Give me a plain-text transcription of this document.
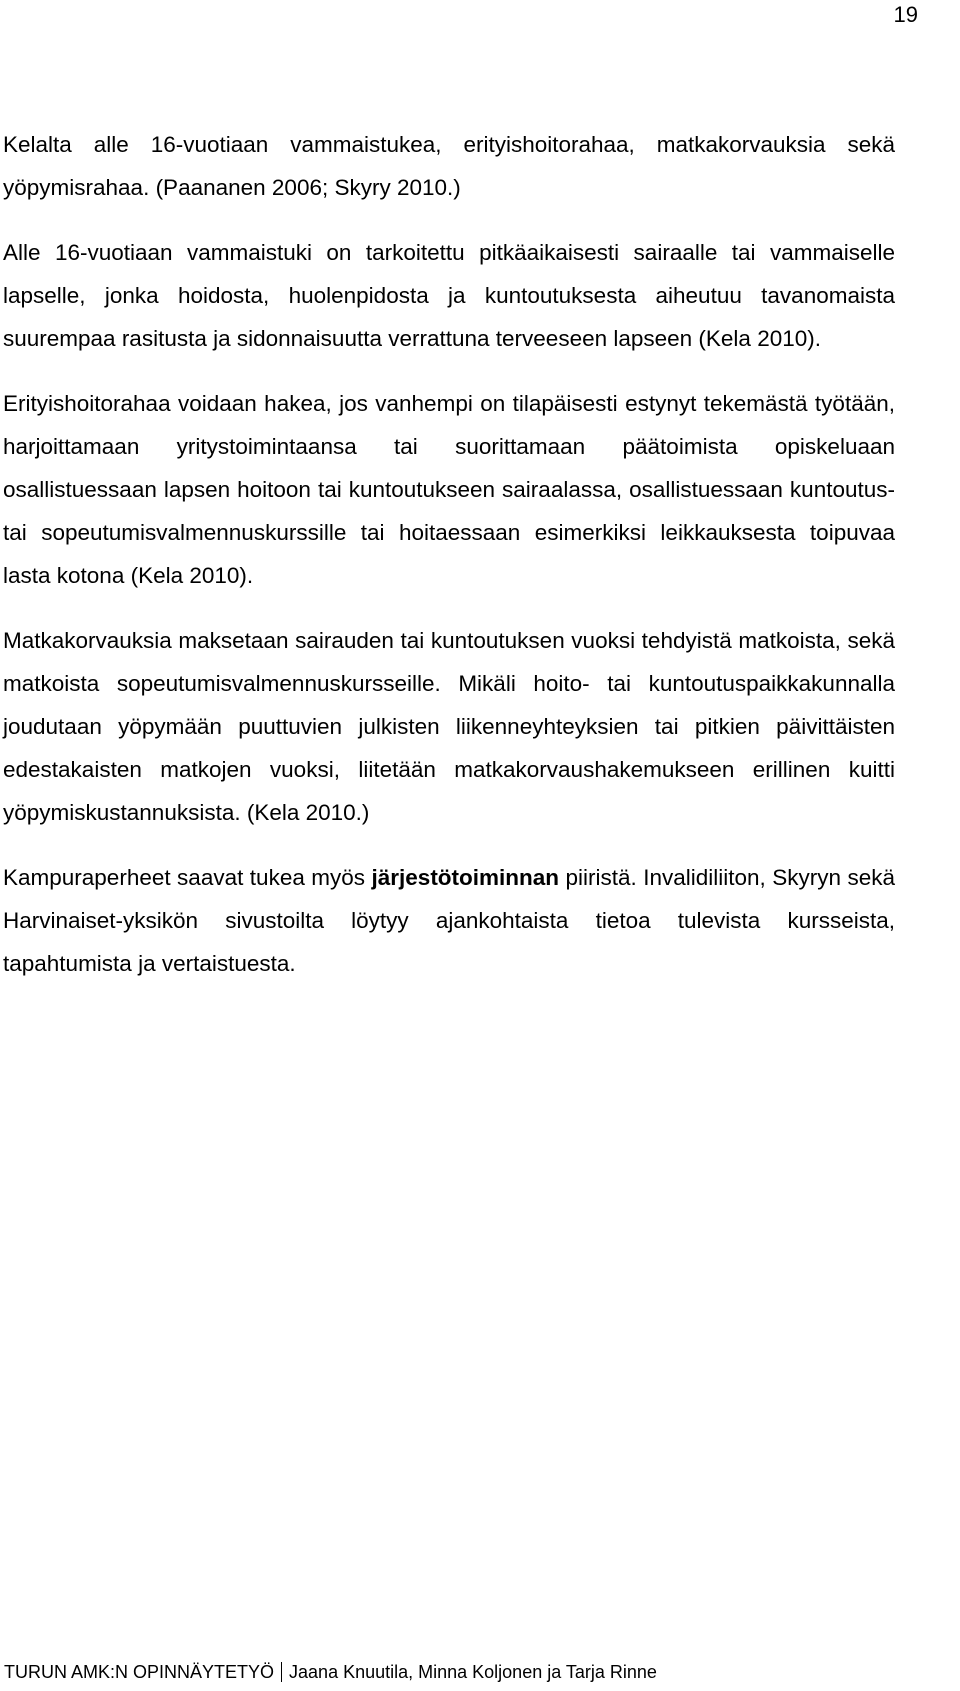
19

Kelalta alle 16-vuotiaan vammaistukea, erityishoitorahaa, matkakorvauksia sekä yöpymisrahaa. (Paananen 2006; Skyry 2010.)

Alle 16-vuotiaan vammaistuki on tarkoitettu pitkäaikaisesti sairaalle tai vammaiselle lapselle, jonka hoidosta, huolenpidosta ja kuntoutuksesta aiheutuu tavanomaista suurempaa rasitusta ja sidonnaisuutta verrattuna terveeseen lapseen (Kela 2010).

Erityishoitorahaa voidaan hakea, jos vanhempi on tilapäisesti estynyt tekemästä työtään, harjoittamaan yritystoimintaansa tai suorittamaan päätoimista opiskeluaan osallistuessaan lapsen hoitoon tai kuntoutukseen sairaalassa, osallistuessaan kuntoutus- tai sopeutumisvalmennuskurssille tai hoitaessaan esimerkiksi leikkauksesta toipuvaa lasta kotona (Kela 2010).

Matkakorvauksia maksetaan sairauden tai kuntoutuksen vuoksi tehdyistä matkoista, sekä matkoista sopeutumisvalmennuskursseille. Mikäli hoito- tai kuntoutuspaikkakunnalla joudutaan yöpymään puuttuvien julkisten liikenneyhteyksien tai pitkien päivittäisten edestakaisten matkojen vuoksi, liitetään matkakorvaushakemukseen erillinen kuitti yöpymiskustannuksista. (Kela 2010.)

Kampuraperheet saavat tukea myös järjestötoiminnan piiristä. Invalidiliiton, Skyryn sekä Harvinaiset-yksikön sivustoilta löytyy ajankohtaista tietoa tulevista kursseista, tapahtumista ja vertaistuesta.

TURUN AMK:N OPINNÄYTETYÖ Jaana Knuutila, Minna Koljonen ja Tarja Rinne
